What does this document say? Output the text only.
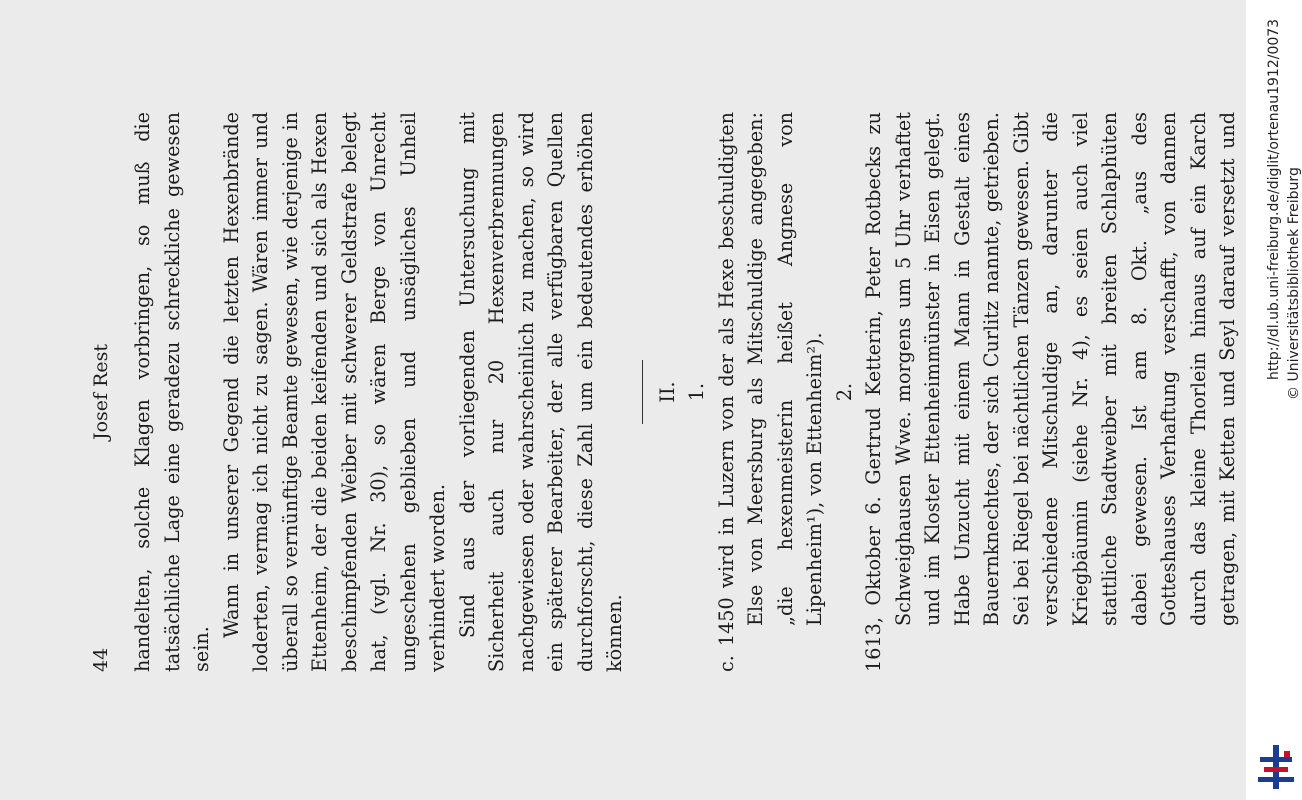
44
Josef Rest handelten, solche Klagen vorbringen, so muß die tatsächliche Lage eine geradezu schreckliche gewesen sein.

Wann in unserer Gegend die letzten Hexenbrände loderten, vermag ich nicht zu sagen. Wären immer und überall so vernünftige Beamte gewesen, wie derjenige in Ettenheim, der die beiden keifenden und sich als Hexen beschimpfenden Weiber mit schwerer Geldstrafe belegt hat, (vgl. Nr. 30), so wären Berge von Unrecht ungeschehen geblieben und unsägliches Unheil verhindert worden. Sind aus der vorliegenden Untersuchung mit Sicherheit auch nur 20 Hexenverbrennungen nachgewiesen oder wahrscheinlich zu machen, so wird ein späterer Bearbeiter, der alle verfügbaren Quellen durchforscht, diese Zahl um ein bedeutendes erhöhen können.

II. 1. c. 1450 wird in Luzern von der als Hexe beschuldigten Else von Meersburg als Mitschuldige angegeben: „die hexenmeisterin heißet Angnese von Lipenheim¹), von Ettenheim²). 2.

1613, Oktober 6. Gertrud Ketterin, Peter Rotbecks zu Schweighausen Wwe. morgens um 5 Uhr verhaftet und im Kloster Ettenheimmünster in Eisen gelegt. Habe Unzucht mit einem Mann in Gestalt eines Bauernknechtes, der sich Curlitz nannte, getrieben. Sei bei Riegel bei nächtlichen Tänzen gewesen. Gibt verschiedene Mitschuldige an, darunter die Kriegbäumin (siehe Nr. 4), es seien auch viel stattliche Stadtweiber mit breiten Schlaphüten dabei gewesen. Ist am 8. Okt. „aus des Gotteshauses Verhaftung verschafft, von dannen durch das kleine Thorlein hinaus auf ein Karch getragen, mit Ketten und Seyl darauf versetzt und	http://dl.ub.uni-freiburg.de/diglit/ortenau1912/0073 © Universitätsbibliothek Freiburg
